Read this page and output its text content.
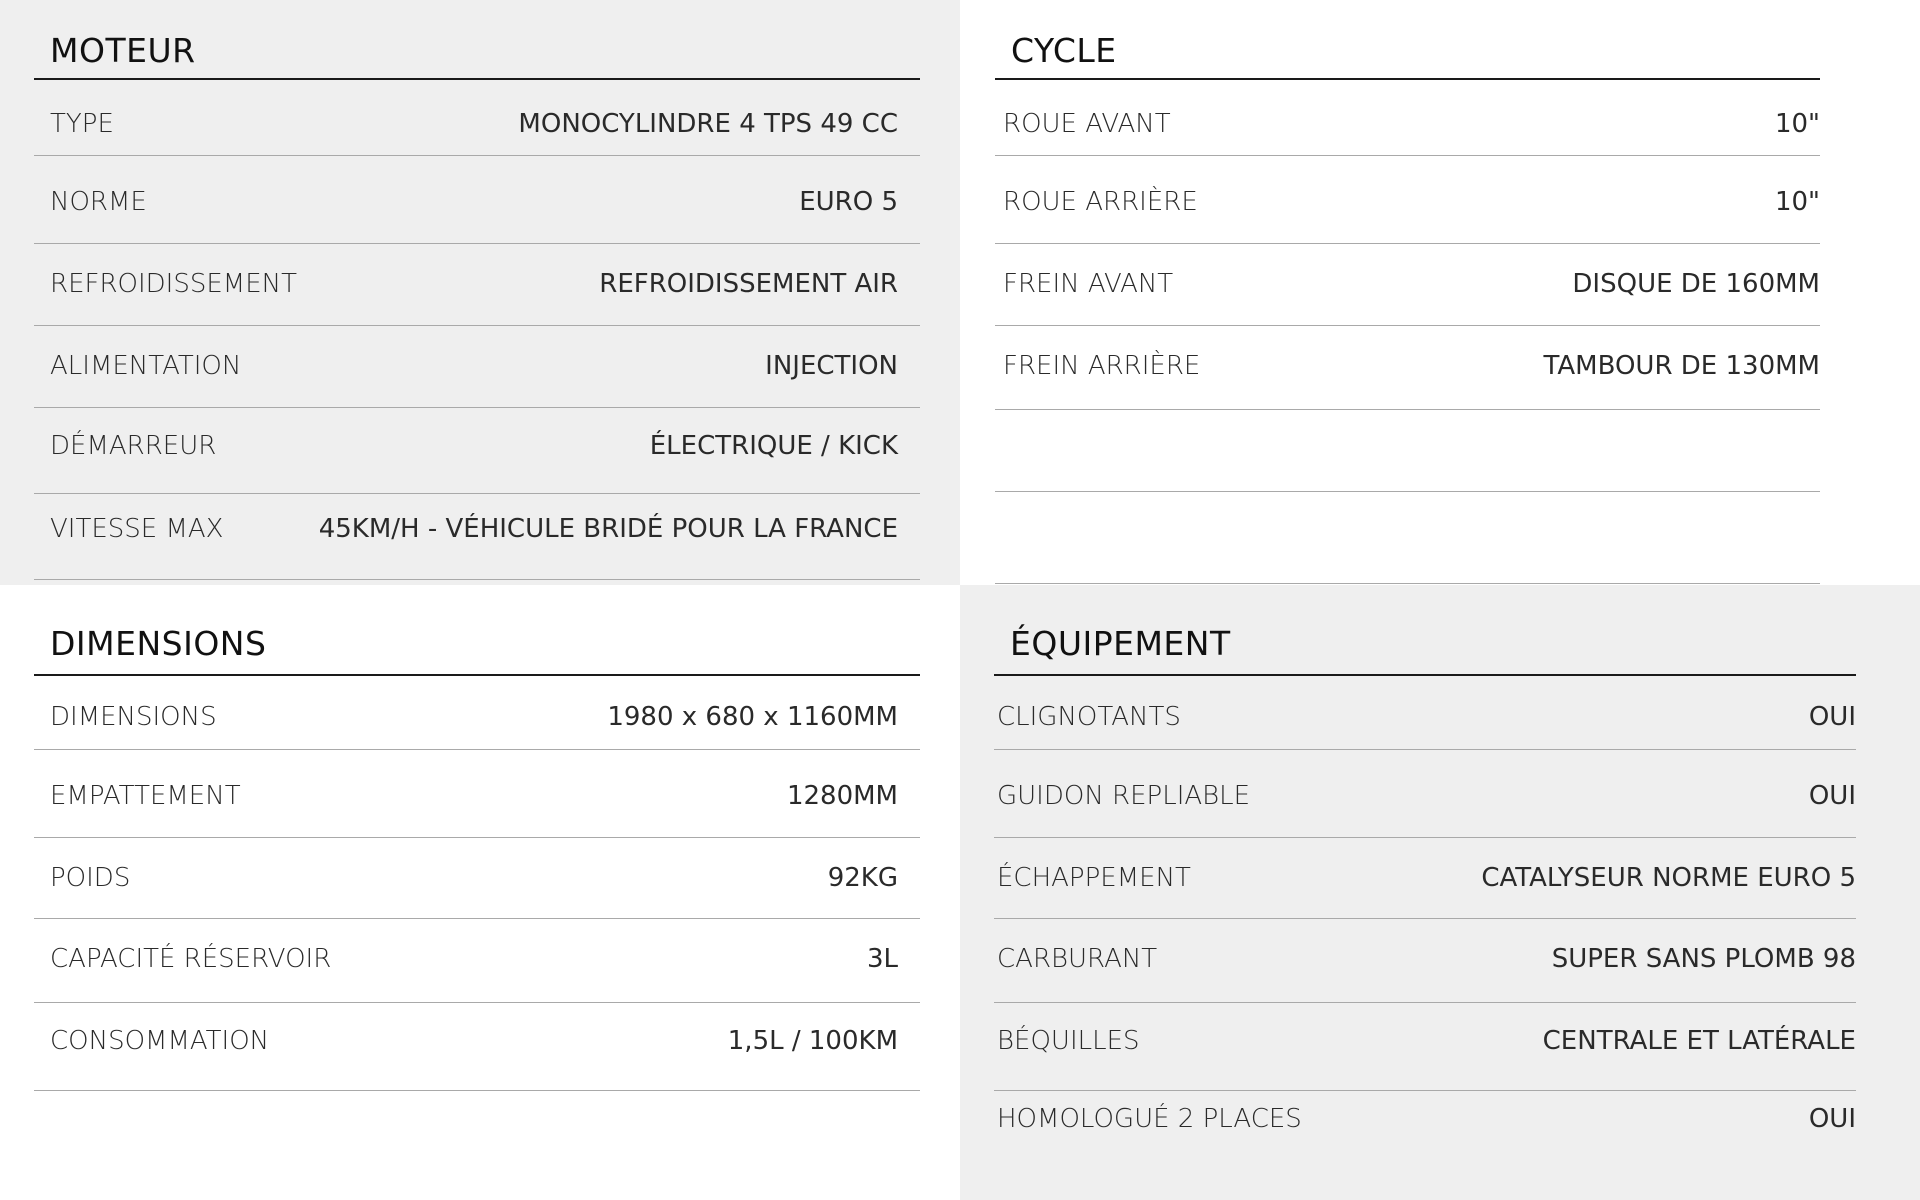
MOTEUR
TYPE	MONOCYLINDRE 4 TPS 49 CC
NORME	EURO 5
REFROIDISSEMENT	REFROIDISSEMENT AIR
ALIMENTATION	INJECTION
DÉMARREUR	ÉLECTRIQUE / KICK
VITESSE MAX	45KM/H - VÉHICULE BRIDÉ POUR LA FRANCE
CYCLE
ROUE AVANT	10"
ROUE ARRIÈRE	10"
FREIN AVANT	DISQUE DE 160MM
FREIN ARRIÈRE	TAMBOUR DE 130MM
DIMENSIONS
DIMENSIONS	1980 x 680 x 1160MM
EMPATTEMENT	1280MM
POIDS	92KG
CAPACITÉ RÉSERVOIR	3L
CONSOMMATION	1,5L / 100KM
ÉQUIPEMENT
CLIGNOTANTS	OUI
GUIDON REPLIABLE	OUI
ÉCHAPPEMENT	CATALYSEUR NORME EURO 5
CARBURANT	SUPER SANS PLOMB 98
BÉQUILLES	CENTRALE ET LATÉRALE
HOMOLOGUÉ 2 PLACES	OUI
